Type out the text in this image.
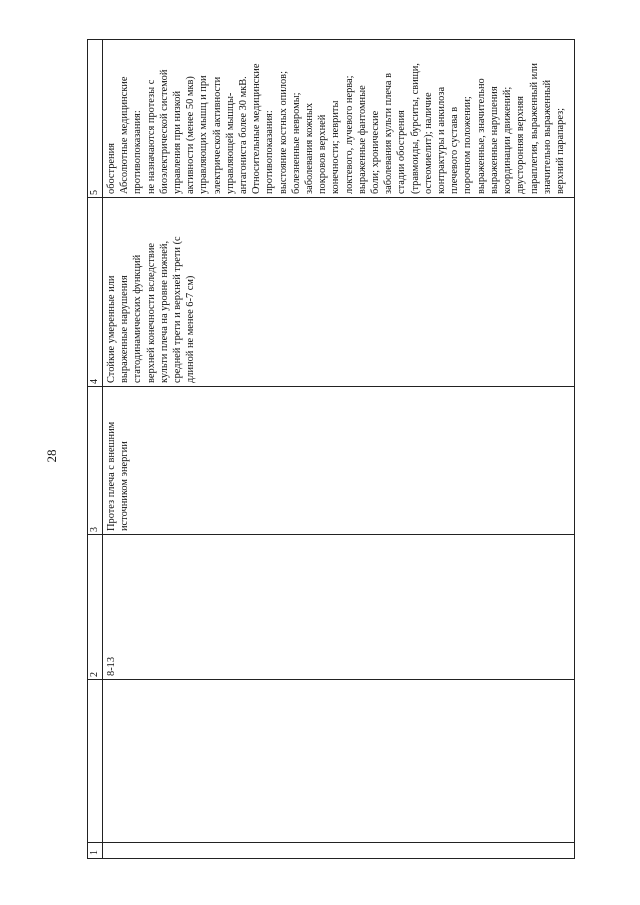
28
1
2
3
4
5
8-13
Протез плеча с внешним
источником энергии
Стойкие умеренные или
выраженные нарушения
статодинамических функций
верхней конечности вследствие
культи плеча на уровне нижней,
средней трети и верхней трети (с
длиной не менее 6-7 см)
обострения
Абсолютные медицинские
противопоказания:
не назначаются протезы с
биоэлектрической системой
управления при низкой
активности (менее 50 мкв)
управляющих мышц и при
электрической активности
управляющей мышцы-
антагониста более 30 мкВ.
Относительные медицинские
противопоказания:
выстояние костных опилов;
болезненные невромы;
заболевания кожных
покровов верхней
конечности; невриты
локтевого, лучевого нерва;
выраженные фантомные
боли; хронические
заболевания культи плеча в
стадии обострения
(травмоиды, бурситы, свищи,
остеомиелит); наличие
контрактуры и анкилоза
плечевого сустава в
порочном положении;
выраженные, значительно
выраженные нарушения
координации движений;
двусторонняя верхняя
параплегия, выраженный или
значительно выраженный
верхний парапарез;
